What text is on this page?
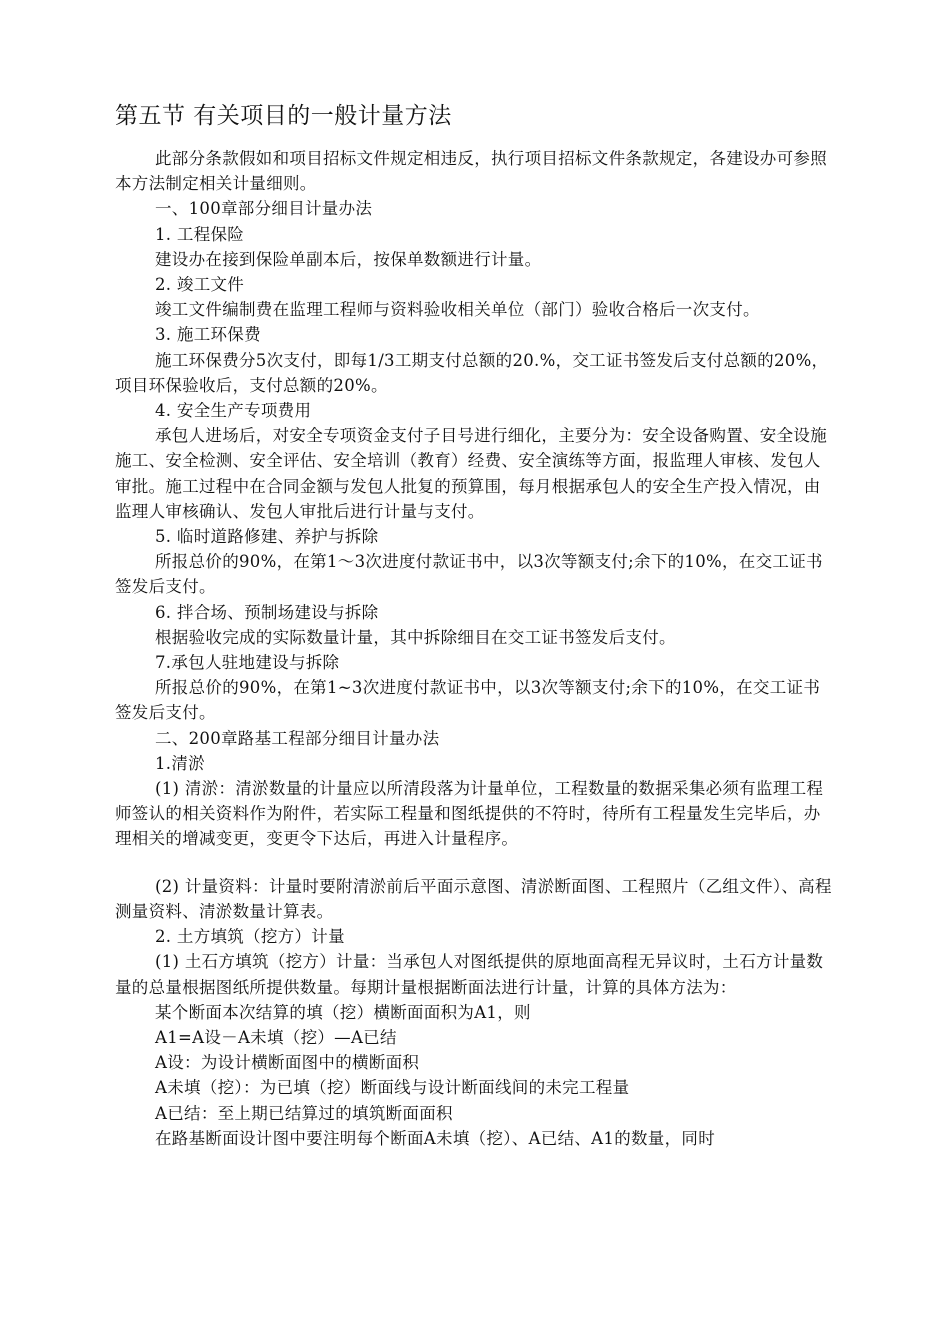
第五节 有关项目的一般计量方法

此部分条款假如和项目招标文件规定相违反，执行项目招标文件条款规定，各建设办可参照本方法制定相关计量细则。

一、100章部分细目计量办法

1. 工程保险

建设办在接到保险单副本后，按保单数额进行计量。

2. 竣工文件

竣工文件编制费在监理工程师与资料验收相关单位（部门）验收合格后一次支付。

3. 施工环保费

施工环保费分5次支付，即每1/3工期支付总额的20.%，交工证书签发后支付总额的20%，项目环保验收后，支付总额的20%。

4. 安全生产专项费用

承包人进场后，对安全专项资金支付子目号进行细化，主要分为：安全设备购置、安全设施施工、安全检测、安全评估、安全培训（教育）经费、安全演练等方面，报监理人审核、发包人审批。施工过程中在合同金额与发包人批复的预算围，每月根据承包人的安全生产投入情况，由监理人审核确认、发包人审批后进行计量与支付。

5. 临时道路修建、养护与拆除

所报总价的90%，在第1～3次进度付款证书中，以3次等额支付;余下的10%，在交工证书签发后支付。

6. 拌合场、预制场建设与拆除

根据验收完成的实际数量计量，其中拆除细目在交工证书签发后支付。

7.承包人驻地建设与拆除

所报总价的90%，在第1~3次进度付款证书中，以3次等额支付;余下的10%，在交工证书签发后支付。

二、200章路基工程部分细目计量办法

1.清淤

(1) 清淤：清淤数量的计量应以所清段落为计量单位，工程数量的数据采集必须有监理工程师签认的相关资料作为附件，若实际工程量和图纸提供的不符时，待所有工程量发生完毕后，办理相关的增减变更，变更令下达后，再进入计量程序。

(2) 计量资料：计量时要附清淤前后平面示意图、清淤断面图、工程照片（乙组文件）、高程测量资料、清淤数量计算表。

2. 土方填筑（挖方）计量

(1) 土石方填筑（挖方）计量：当承包人对图纸提供的原地面高程无异议时，土石方计量数量的总量根据图纸所提供数量。每期计量根据断面法进行计量，计算的具体方法为：

某个断面本次结算的填（挖）横断面面积为A1，则

A1=A设－A未填（挖）—A已结

A设：为设计横断面图中的横断面积

A未填（挖）：为已填（挖）断面线与设计断面线间的未完工程量

A已结：至上期已结算过的填筑断面面积

在路基断面设计图中要注明每个断面A未填（挖）、A已结、A1的数量，同时
